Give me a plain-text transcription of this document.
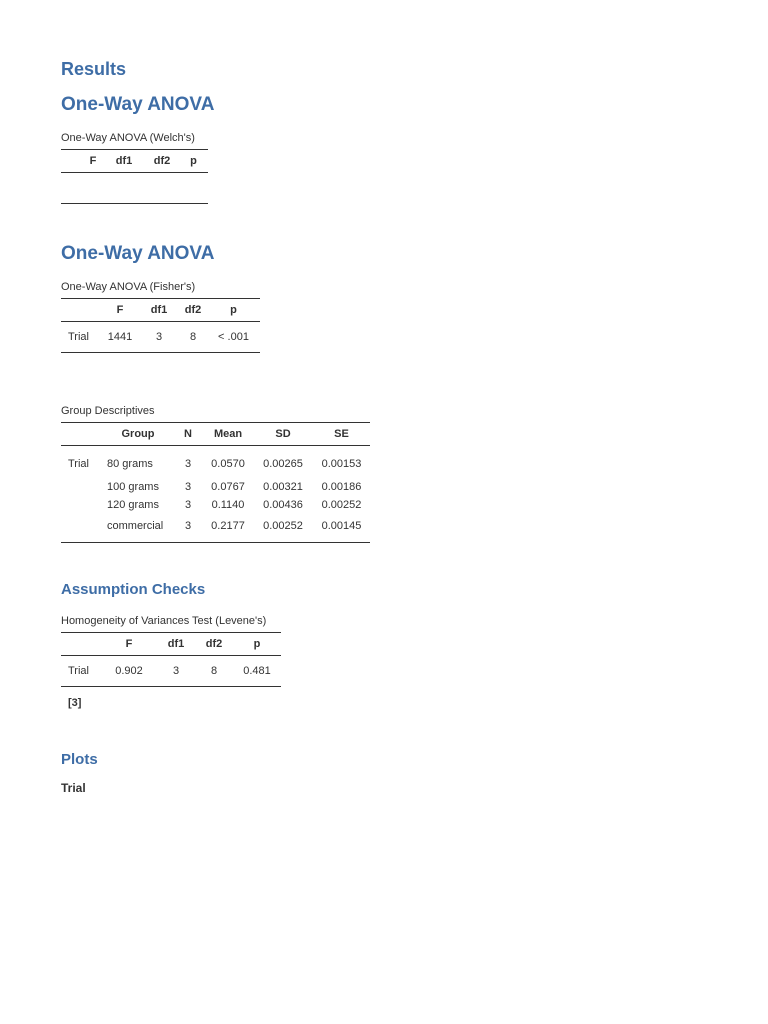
Results
One-Way ANOVA
One-Way ANOVA (Welch's)
	F	df1	df2	p

One-Way ANOVA
One-Way ANOVA (Fisher's)
	F	df1	df2	p
Trial	1441	3	8	< .001
Group Descriptives
	Group	N	Mean	SD	SE
Trial	80 grams	3	0.0570	0.00265	0.00153
	100 grams	3	0.0767	0.00321	0.00186
	120 grams	3	0.1140	0.00436	0.00252
	commercial	3	0.2177	0.00252	0.00145
Assumption Checks
Homogeneity of Variances Test (Levene's)
	F	df1	df2	p
Trial	0.902	3	8	0.481
[3]
Plots
Trial
